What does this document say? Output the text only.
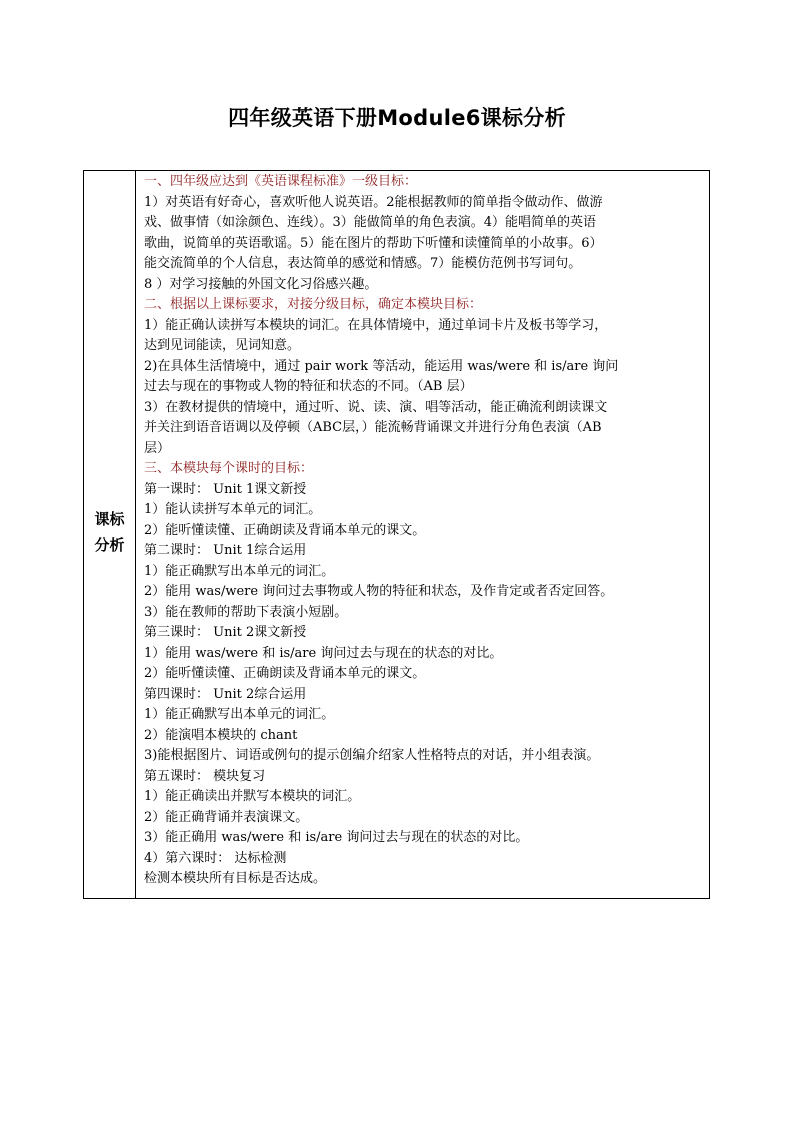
四年级英语下册Module6课标分析
课标
分析
一、四年级应达到《英语课程标准》一级目标：
1）对英语有好奇心，喜欢听他人说英语。2能根据教师的简单指令做动作、做游
戏、做事情（如涂颜色、连线）。3）能做简单的角色表演。4）能唱简单的英语
歌曲，说简单的英语歌谣。5）能在图片的帮助下听懂和读懂简单的小故事。6）
能交流简单的个人信息，表达简单的感觉和情感。7）能模仿范例书写词句。
8 ）对学习接触的外国文化习俗感兴趣。
二、根据以上课标要求，对接分级目标，确定本模块目标：
1）能正确认读拼写本模块的词汇。在具体情境中，通过单词卡片及板书等学习，
达到见词能读，见词知意。
2)在具体生活情境中，通过 pair work 等活动，能运用 was/were 和 is/are 询问
过去与现在的事物或人物的特征和状态的不同。（AB 层）
3）在教材提供的情境中，通过听、说、读、演、唱等活动，能正确流利朗读课文
并关注到语音语调以及停顿（ABC层，）能流畅背诵课文并进行分角色表演（AB
层）
三、本模块每个课时的目标：
第一课时： Unit 1课文新授
1）能认读拼写本单元的词汇。
2）能听懂读懂、正确朗读及背诵本单元的课文。
第二课时： Unit 1综合运用
1）能正确默写出本单元的词汇。
2）能用 was/were 询问过去事物或人物的特征和状态，及作肯定或者否定回答。
3）能在教师的帮助下表演小短剧。
第三课时： Unit 2课文新授
1）能用 was/were 和 is/are 询问过去与现在的状态的对比。
2）能听懂读懂、正确朗读及背诵本单元的课文。
第四课时： Unit 2综合运用
1）能正确默写出本单元的词汇。
2）能演唱本模块的 chant
3)能根据图片、词语或例句的提示创编介绍家人性格特点的对话，并小组表演。
第五课时： 模块复习
1）能正确读出并默写本模块的词汇。
2）能正确背诵并表演课文。
3）能正确用 was/were 和 is/are 询问过去与现在的状态的对比。
4）第六课时： 达标检测
检测本模块所有目标是否达成。
